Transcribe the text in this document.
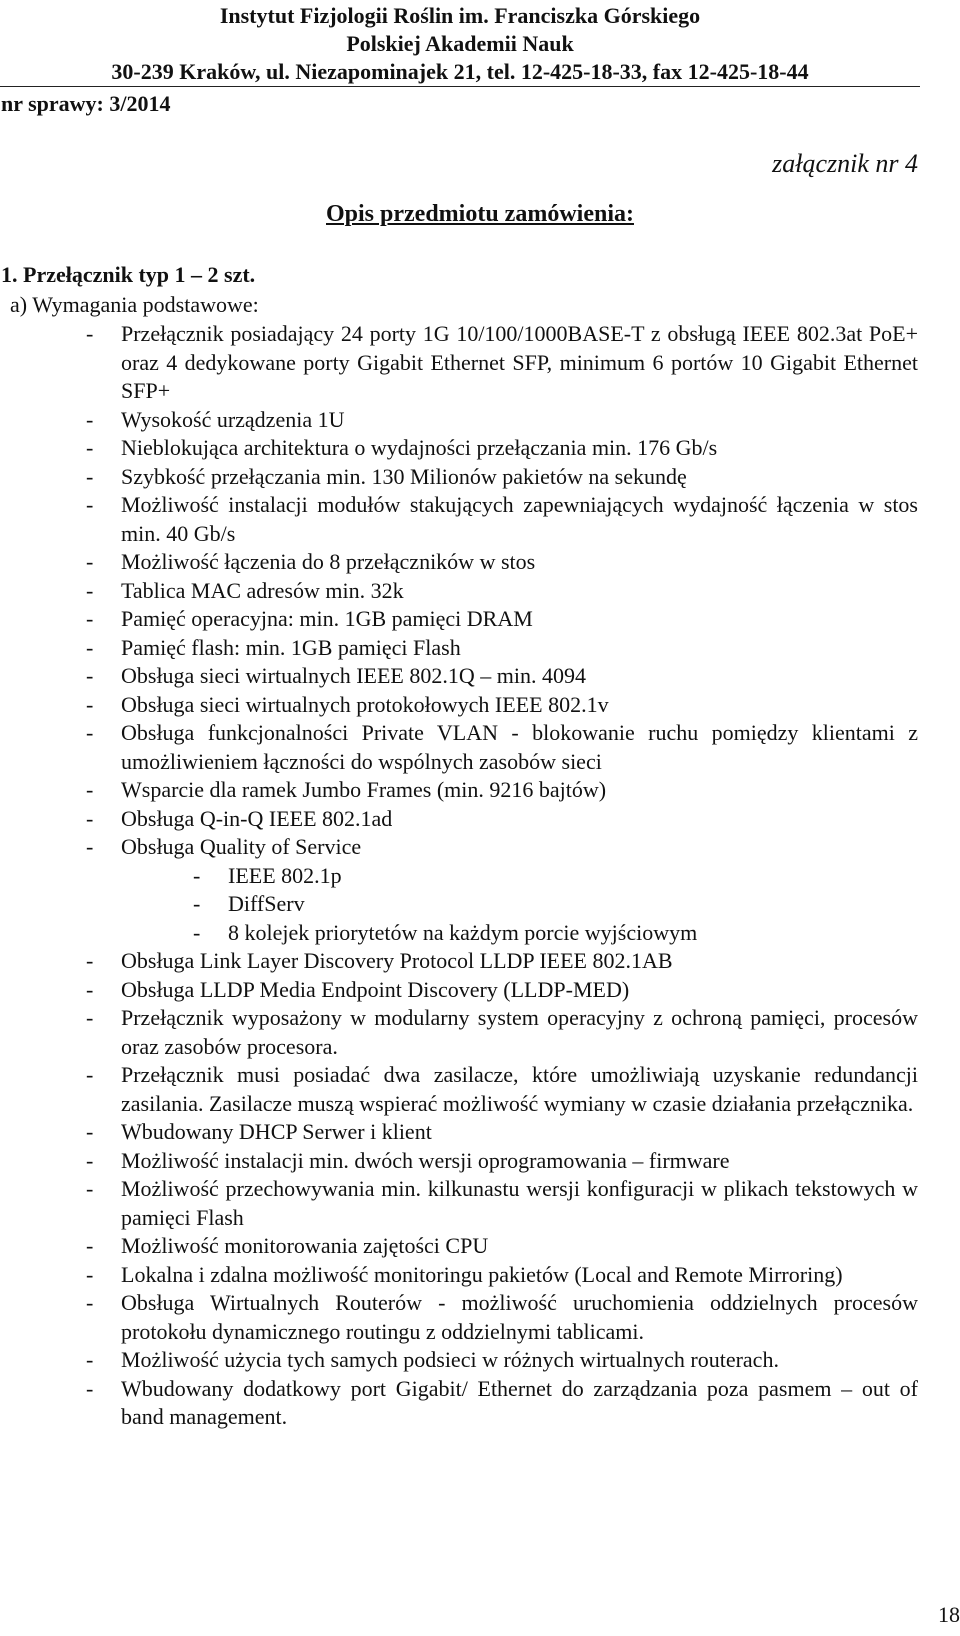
Instytut Fizjologii Roślin im. Franciszka Górskiego
Polskiej Akademii Nauk
30-239 Kraków, ul. Niezapominajek 21, tel. 12-425-18-33, fax 12-425-18-44
nr sprawy: 3/2014
załącznik nr 4
Opis przedmiotu zamówienia:
1. Przełącznik typ 1 – 2 szt.
a) Wymagania podstawowe:
- Przełącznik posiadający 24 porty 1G 10/100/1000BASE-T z obsługą IEEE 802.3at PoE+ oraz 4 dedykowane porty Gigabit Ethernet SFP, minimum 6 portów 10 Gigabit Ethernet SFP+
- Wysokość urządzenia 1U
- Nieblokująca architektura o wydajności przełączania min. 176 Gb/s
- Szybkość przełączania min. 130 Milionów pakietów na sekundę
- Możliwość instalacji modułów stakujących zapewniających wydajność łączenia w stos min. 40 Gb/s
- Możliwość łączenia do 8 przełączników w stos
- Tablica MAC adresów min. 32k
- Pamięć operacyjna: min. 1GB pamięci DRAM
- Pamięć flash: min. 1GB pamięci Flash
- Obsługa sieci wirtualnych IEEE 802.1Q – min. 4094
- Obsługa sieci wirtualnych protokołowych IEEE 802.1v
- Obsługa funkcjonalności Private VLAN - blokowanie ruchu pomiędzy klientami z umożliwieniem łączności do wspólnych zasobów sieci
- Wsparcie dla ramek Jumbo Frames (min. 9216 bajtów)
- Obsługa Q-in-Q IEEE 802.1ad
- Obsługa Quality of Service
- IEEE 802.1p
- DiffServ
- 8 kolejek priorytetów na każdym porcie wyjściowym
- Obsługa Link Layer Discovery Protocol LLDP IEEE 802.1AB
- Obsługa LLDP Media Endpoint Discovery (LLDP-MED)
- Przełącznik wyposażony w modularny system operacyjny z ochroną pamięci, procesów oraz zasobów procesora.
- Przełącznik musi posiadać dwa zasilacze, które umożliwiają uzyskanie redundancji zasilania. Zasilacze muszą wspierać możliwość wymiany w czasie działania przełącznika.
- Wbudowany DHCP Serwer i klient
- Możliwość instalacji min. dwóch wersji oprogramowania – firmware
- Możliwość przechowywania min. kilkunastu wersji konfiguracji w plikach tekstowych w pamięci Flash
- Możliwość monitorowania zajętości CPU
- Lokalna i zdalna możliwość monitoringu pakietów (Local and Remote Mirroring)
- Obsługa Wirtualnych Routerów - możliwość uruchomienia oddzielnych procesów protokołu dynamicznego routingu z oddzielnymi tablicami.
- Możliwość użycia tych samych podsieci w różnych wirtualnych routerach.
- Wbudowany dodatkowy port Gigabit/ Ethernet do zarządzania poza pasmem – out of band management.
18
